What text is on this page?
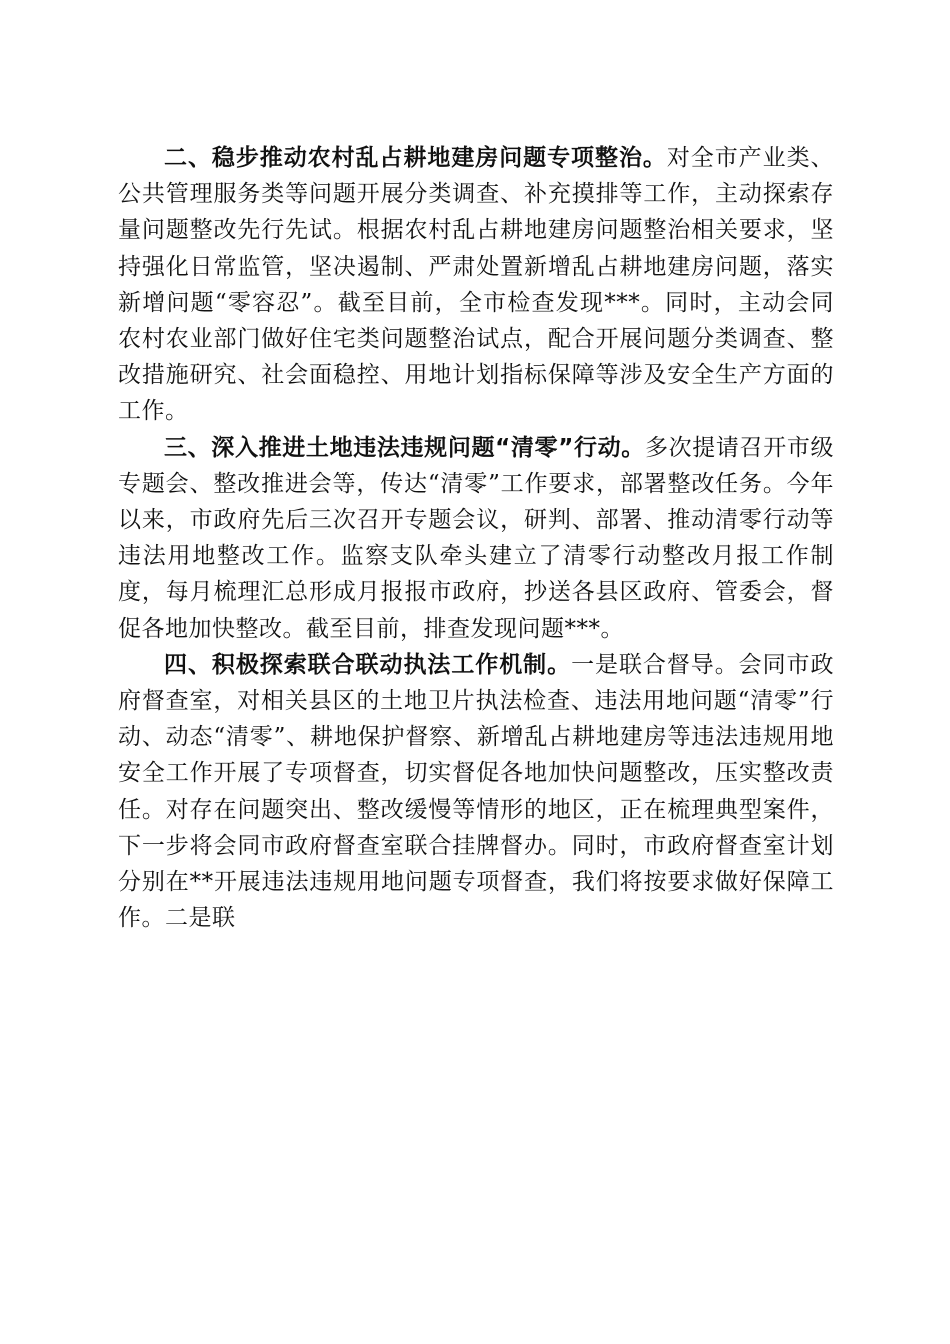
二、稳步推动农村乱占耕地建房问题专项整治。对全市产业类、公共管理服务类等问题开展分类调查、补充摸排等工作，主动探索存量问题整改先行先试。根据农村乱占耕地建房问题整治相关要求，坚持强化日常监管，坚决遏制、严肃处置新增乱占耕地建房问题，落实新增问题“零容忍”。截至目前，全市检查发现***。同时，主动会同农村农业部门做好住宅类问题整治试点，配合开展问题分类调查、整改措施研究、社会面稳控、用地计划指标保障等涉及安全生产方面的工作。

三、深入推进土地违法违规问题“清零”行动。多次提请召开市级专题会、整改推进会等，传达“清零”工作要求，部署整改任务。今年以来，市政府先后三次召开专题会议，研判、部署、推动清零行动等违法用地整改工作。监察支队牵头建立了清零行动整改月报工作制度，每月梳理汇总形成月报报市政府，抄送各县区政府、管委会，督促各地加快整改。截至目前，排查发现问题***。

四、积极探索联合联动执法工作机制。一是联合督导。会同市政府督查室，对相关县区的土地卫片执法检查、违法用地问题“清零”行动、动态“清零”、耕地保护督察、新增乱占耕地建房等违法违规用地安全工作开展了专项督查，切实督促各地加快问题整改，压实整改责任。对存在问题突出、整改缓慢等情形的地区，正在梳理典型案件，下一步将会同市政府督查室联合挂牌督办。同时，市政府督查室计划分别在**开展违法违规用地问题专项督查，我们将按要求做好保障工作。二是联
